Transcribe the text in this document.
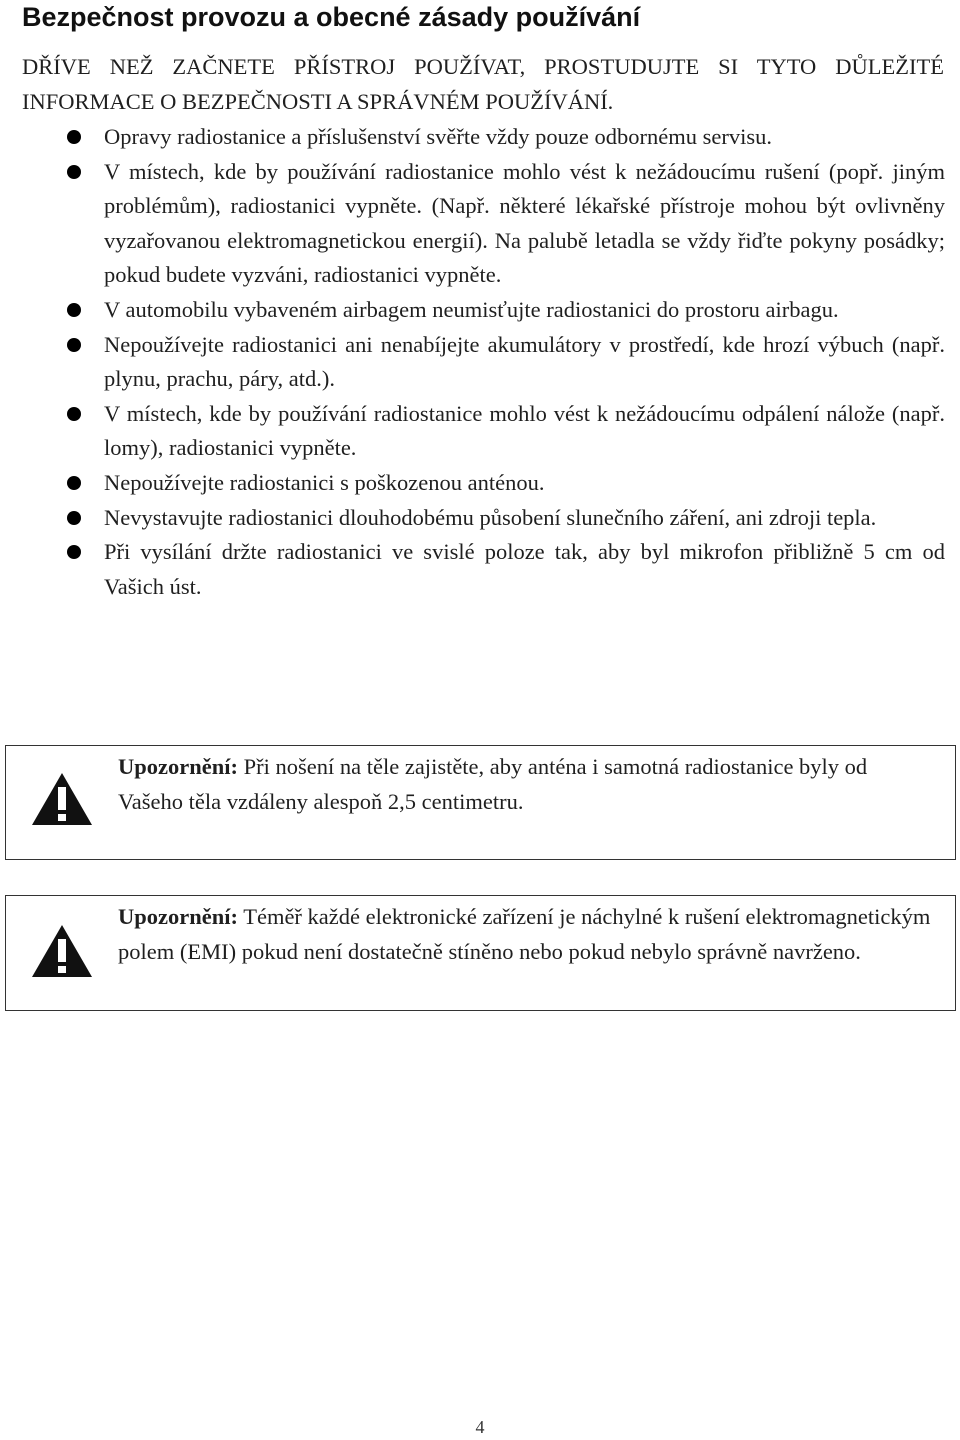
Bezpečnost provozu a obecné zásady používání

DŘÍVE NEŽ ZAČNETE PŘÍSTROJ POUŽÍVAT, PROSTUDUJTE SI TYTO DŮLEŽITÉ INFORMACE O BEZPEČNOSTI A SPRÁVNÉM POUŽÍVÁNÍ.

Opravy radiostanice a příslušenství svěřte vždy pouze odbornému servisu.
V místech, kde by používání radiostanice mohlo vést k nežádoucímu rušení (popř. jiným problémům), radiostanici vypněte. (Např. některé lékařské přístroje mohou být ovlivněny vyzařovanou elektromagnetickou energií). Na palubě letadla se vždy řiďte pokyny posádky; pokud budete vyzváni, radiostanici vypněte.
V automobilu vybaveném airbagem neumisťujte radiostanici do prostoru airbagu.
Nepoužívejte radiostanici ani nenabíjejte akumulátory v prostředí, kde hrozí výbuch (např. plynu, prachu, páry, atd.).
V místech, kde by používání radiostanice mohlo vést k nežádoucímu odpálení nálože (např. lomy), radiostanici vypněte.
Nepoužívejte radiostanici s poškozenou anténou.
Nevystavujte radiostanici dlouhodobému působení slunečního záření, ani zdroji tepla.
Při vysílání držte radiostanici ve svislé poloze tak, aby byl mikrofon přibližně 5 cm od Vašich úst.
Upozornění: Při nošení na těle zajistěte, aby anténa i samotná radiostanice byly od Vašeho těla vzdáleny alespoň 2,5 centimetru.
Upozornění: Téměř každé elektronické zařízení je náchylné k rušení elektromagnetickým polem (EMI) pokud není dostatečně stíněno nebo pokud nebylo správně navrženo.
4
